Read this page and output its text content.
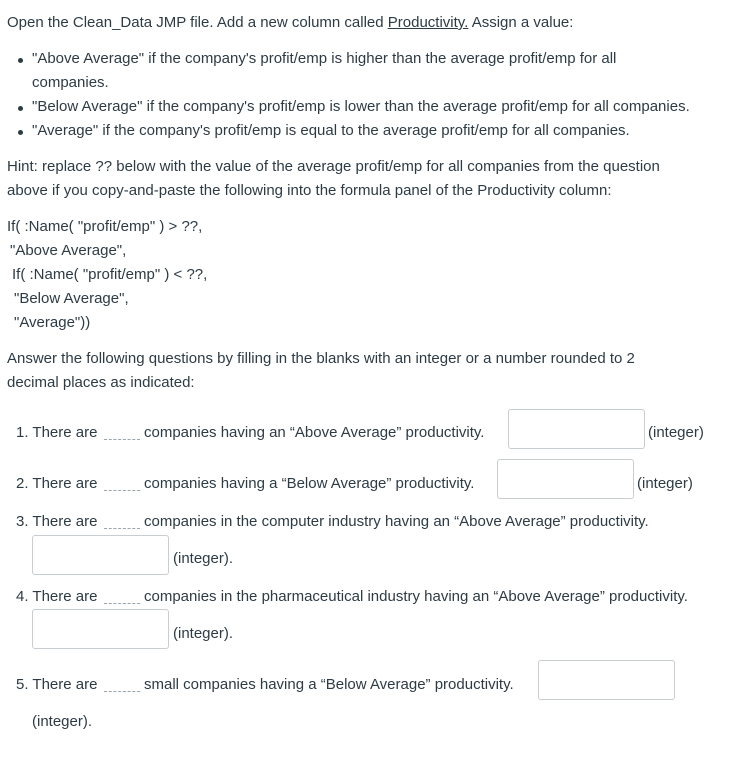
Open the Clean_Data JMP file. Add a new column called Productivity. Assign a value:
"Above Average" if the company's profit/emp is higher than the average profit/emp for all
companies.
"Below Average" if the company's profit/emp is lower than the average profit/emp for all companies.
"Average" if the company's profit/emp is equal to the average profit/emp for all companies.
Hint: replace ?? below with the value of the average profit/emp for all companies from the question
above if you copy-and-paste the following into the formula panel of the Productivity column:
If( :Name( "profit/emp" ) > ??,
"Above Average",
If( :Name( "profit/emp" ) < ??,
"Below Average",
"Average"))
Answer the following questions by filling in the blanks with an integer or a number rounded to 2
decimal places as indicated:
1. There are	companies having an “Above Average” productivity.	(integer)
2. There are	companies having a “Below Average” productivity.	(integer)
3. There are	companies in the computer industry having an “Above Average” productivity.
(integer).
4. There are	companies in the pharmaceutical industry having an “Above Average” productivity.
(integer).
5. There are	small companies having a “Below Average” productivity.
(integer).
